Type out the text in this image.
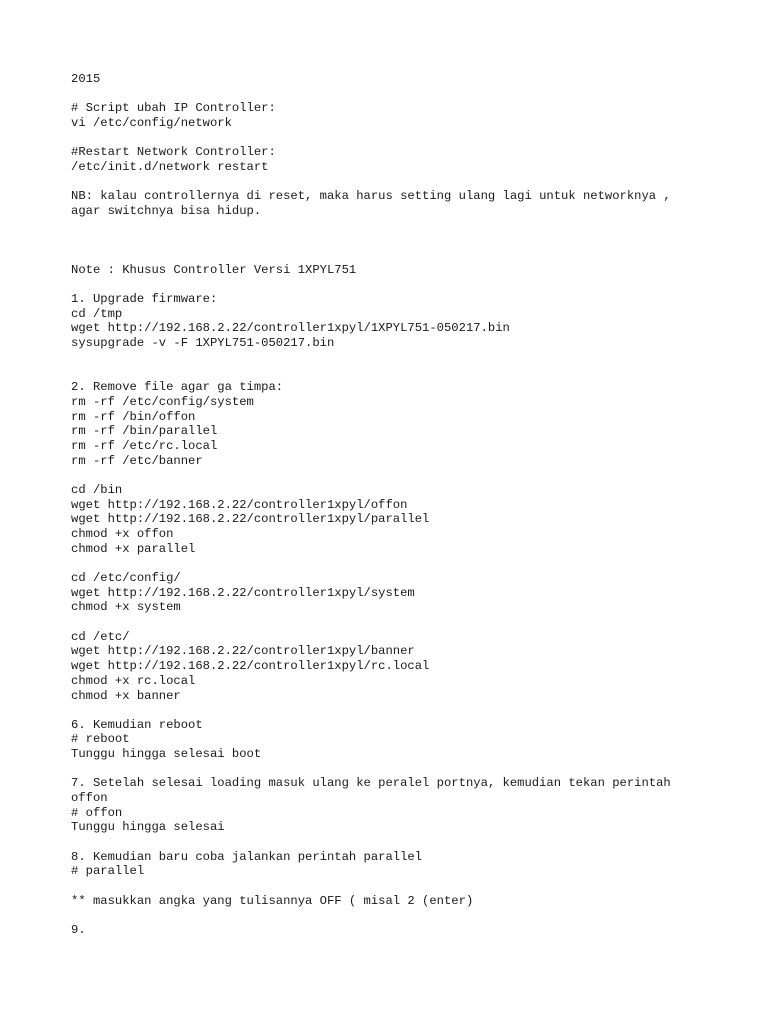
2015
# Script ubah IP Controller:
vi /etc/config/network
#Restart Network Controller:
/etc/init.d/network restart
NB: kalau controllernya di reset, maka harus setting ulang lagi untuk networknya ,
agar switchnya bisa hidup.
Note : Khusus Controller Versi 1XPYL751
1. Upgrade firmware:
cd /tmp
wget http://192.168.2.22/controller1xpyl/1XPYL751-050217.bin
sysupgrade -v -F 1XPYL751-050217.bin
2. Remove file agar ga timpa:
rm -rf /etc/config/system
rm -rf /bin/offon
rm -rf /bin/parallel
rm -rf /etc/rc.local
rm -rf /etc/banner
cd /bin
wget http://192.168.2.22/controller1xpyl/offon
wget http://192.168.2.22/controller1xpyl/parallel
chmod +x offon
chmod +x parallel
cd /etc/config/
wget http://192.168.2.22/controller1xpyl/system
chmod +x system
cd /etc/
wget http://192.168.2.22/controller1xpyl/banner
wget http://192.168.2.22/controller1xpyl/rc.local
chmod +x rc.local
chmod +x banner
6. Kemudian reboot
# reboot
Tunggu hingga selesai boot
7. Setelah selesai loading masuk ulang ke peralel portnya, kemudian tekan perintah
offon
# offon
Tunggu hingga selesai
8. Kemudian baru coba jalankan perintah parallel
# parallel
** masukkan angka yang tulisannya OFF ( misal 2 (enter)
9.
